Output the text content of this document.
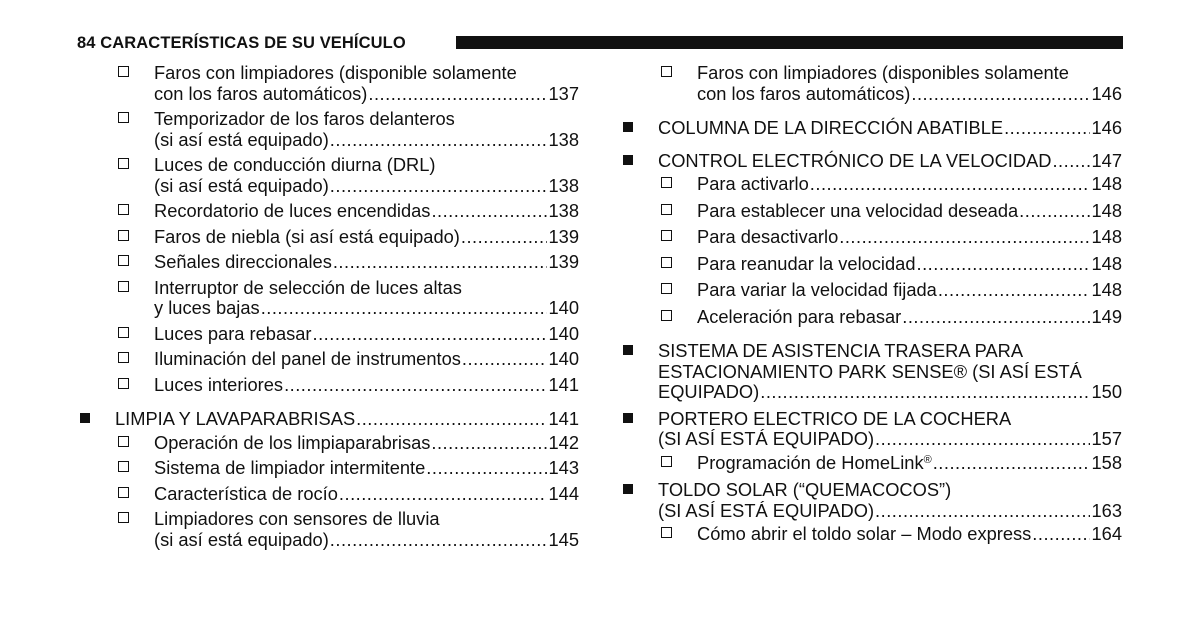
84 CARACTERÍSTICAS DE SU VEHÍCULO
Faros con limpiadores (disponible solamente
con los faros automáticos) .....	137
Temporizador de los faros delanteros
(si así está equipado) .....	138
Luces de conducción diurna (DRL)
(si así está equipado) .....	138
Recordatorio de luces encendidas .....	138
Faros de niebla (si así está equipado) .....	139
Señales direccionales .....	139
Interruptor de selección de luces altas
y luces bajas .....	140
Luces para rebasar .....	140
Iluminación del panel de instrumentos .....	140
Luces interiores .....	141
LIMPIA Y LAVAPARABRISAS .....	141
Operación de los limpiaparabrisas .....	142
Sistema de limpiador intermitente .....	143
Característica de rocío .....	144
Limpiadores con sensores de lluvia
(si así está equipado) .....	145
Faros con limpiadores (disponibles solamente
con los faros automáticos) .....	146
COLUMNA DE LA DIRECCIÓN ABATIBLE .....	146
CONTROL ELECTRÓNICO DE LA VELOCIDAD ..... 147
Para activarlo .....	148
Para establecer una velocidad deseada .....	148
Para desactivarlo .....	148
Para reanudar la velocidad .....	148
Para variar la velocidad fijada .....	148
Aceleración para rebasar .....	149
SISTEMA DE ASISTENCIA TRASERA PARA
ESTACIONAMIENTO PARK SENSE® (SI ASÍ ESTÁ
EQUIPADO) .....	150
PORTERO ELECTRICO DE LA COCHERA
(SI ASÍ ESTÁ EQUIPADO) .....	157
Programación de HomeLink® .....	158
TOLDO SOLAR (“QUEMACOCOS”)
(SI ASÍ ESTÁ EQUIPADO) .....	163
Cómo abrir el toldo solar – Modo express .....	164
